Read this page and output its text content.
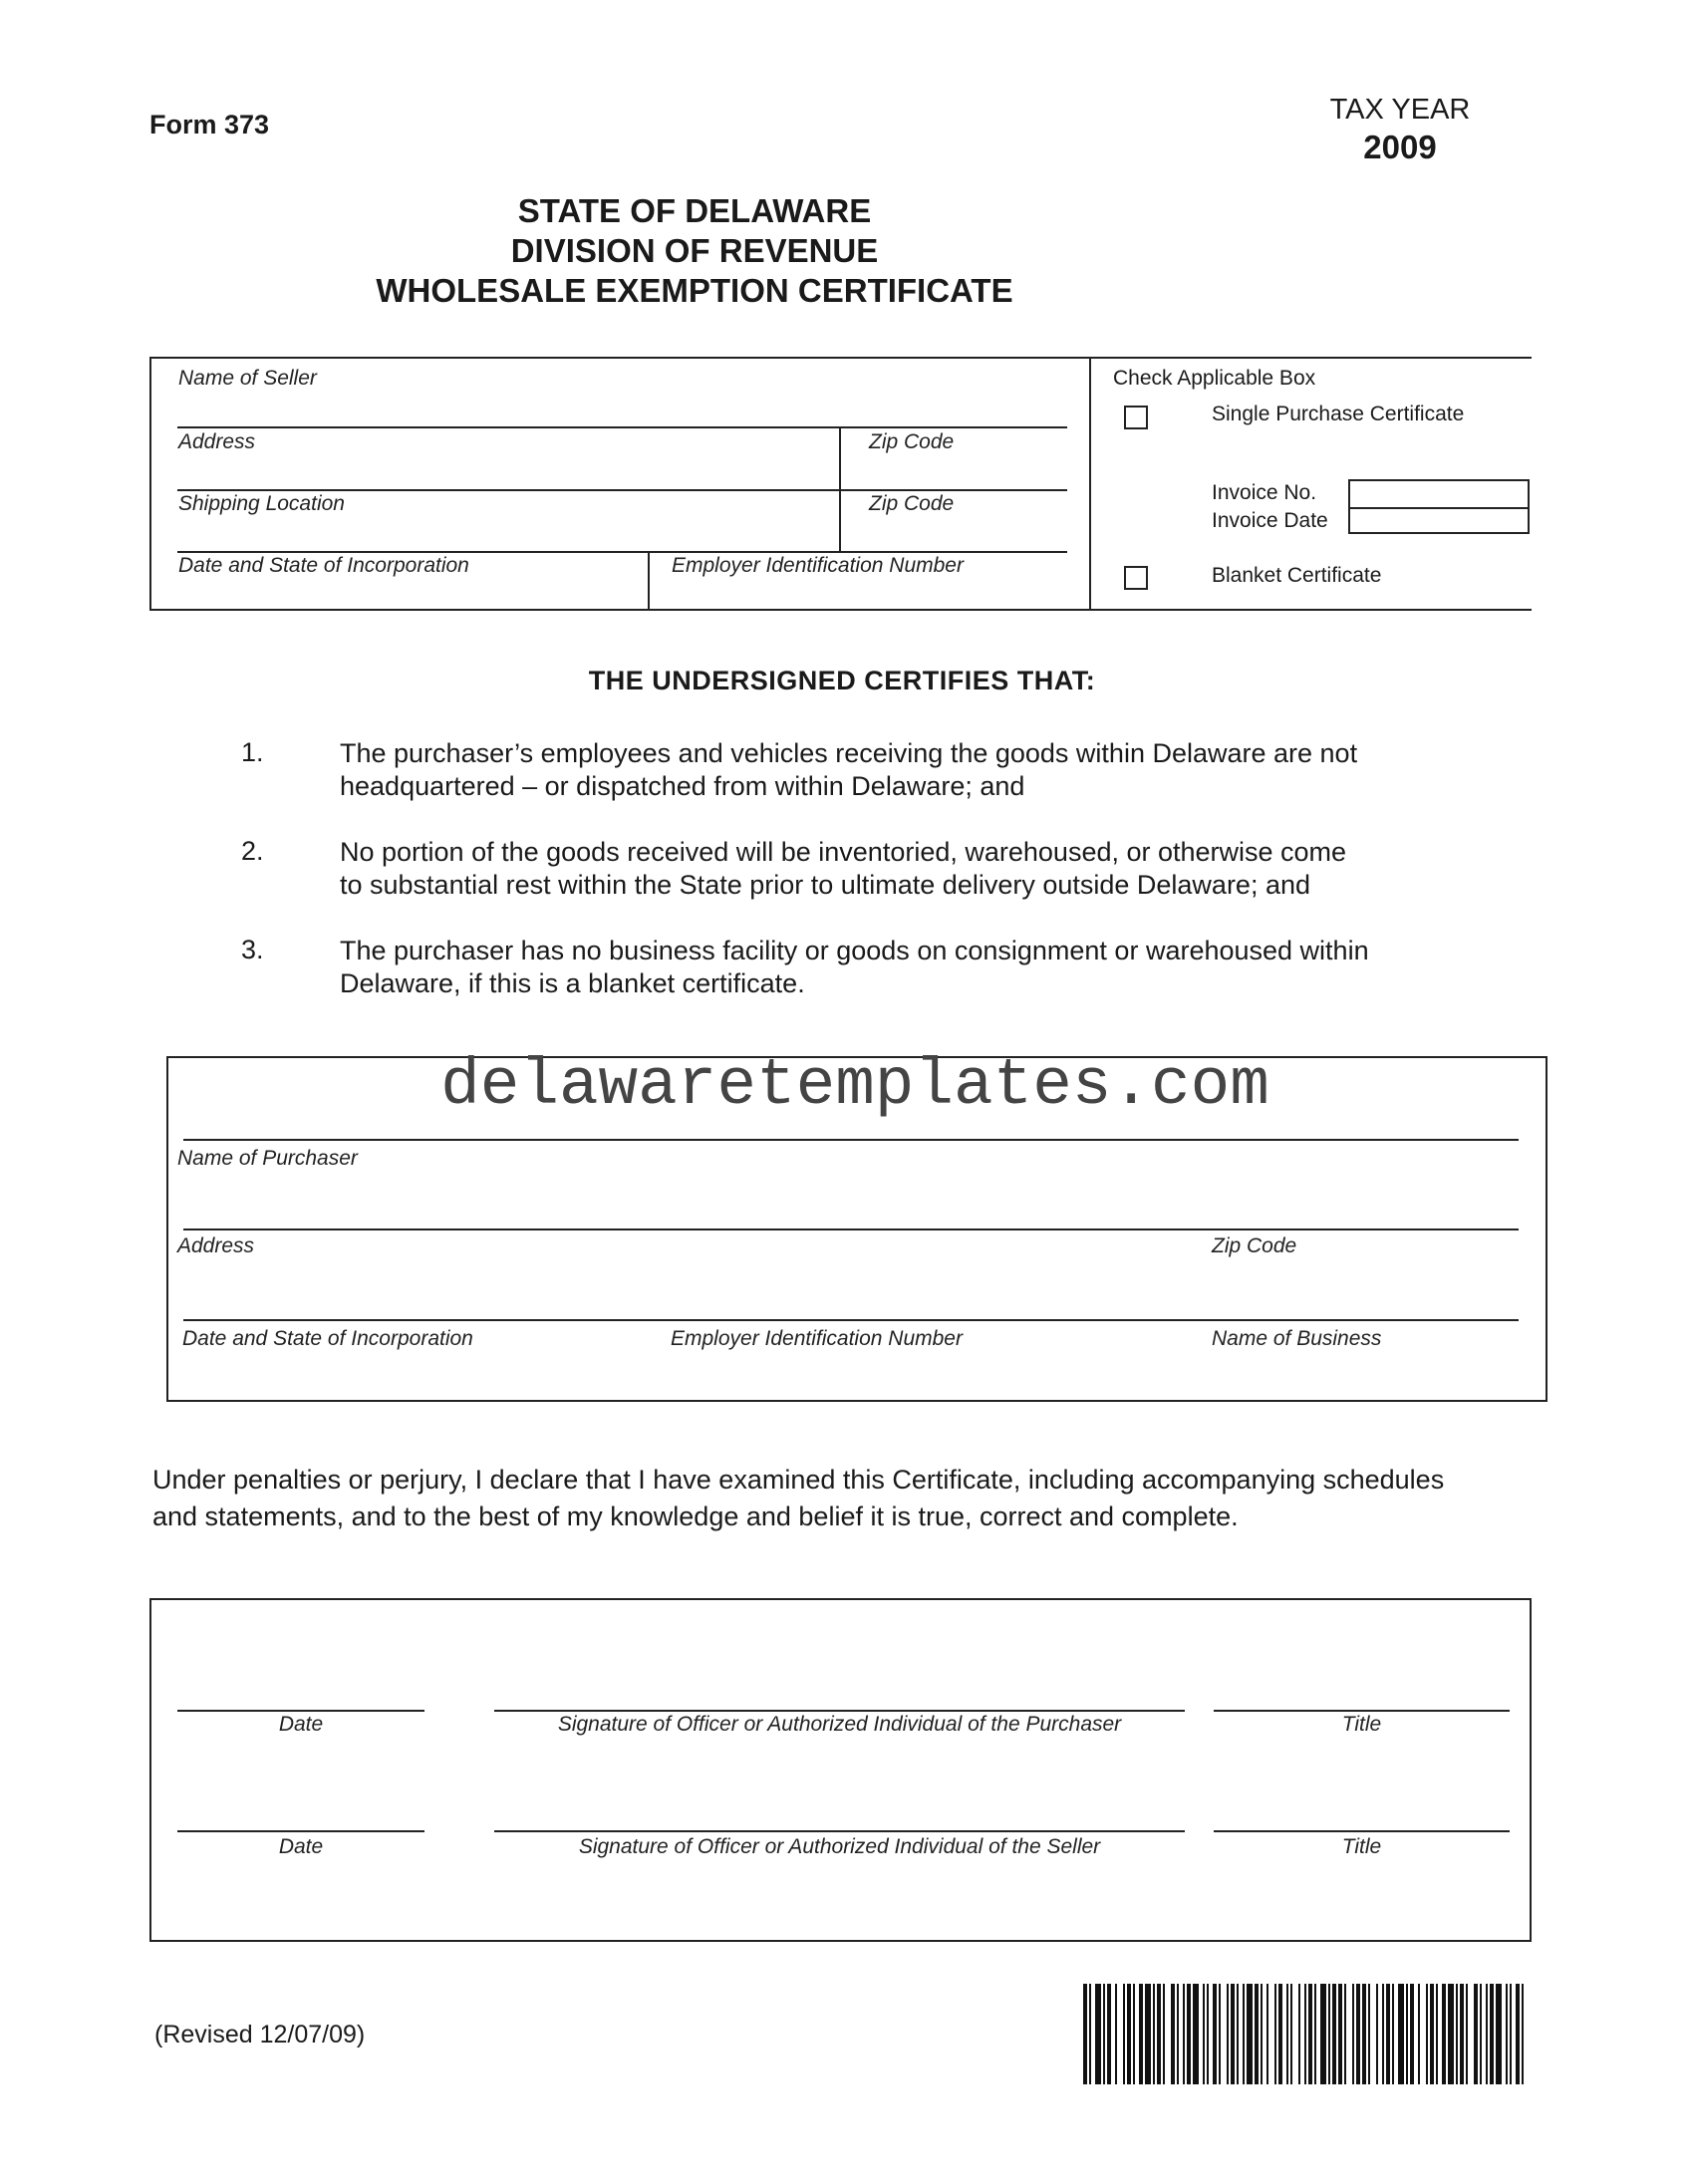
Form 373	TAX YEAR
2009
STATE OF DELAWARE
DIVISION OF REVENUE
WHOLESALE EXEMPTION CERTIFICATE
Name of Seller
Address	Zip Code
Shipping Location	Zip Code
Date and State of Incorporation	Employer Identification Number
Check Applicable Box
Single Purchase Certificate
Invoice No.
Invoice Date
Blanket Certificate
THE UNDERSIGNED CERTIFIES THAT:
1.	The purchaser’s employees and vehicles receiving the goods within Delaware are not
headquartered – or dispatched from within Delaware; and
2.	No portion of the goods received will be inventoried, warehoused, or otherwise come
to substantial rest within the State prior to ultimate delivery outside Delaware; and
3.	The purchaser has no business facility or goods on consignment or warehoused within
Delaware, if this is a blanket certificate.
delawaretemplates.com
Name of Purchaser
Address	Zip Code
Date and State of Incorporation	Employer Identification Number	Name of Business
Under penalties or perjury, I declare that I have examined this Certificate, including accompanying schedules
and statements, and to the best of my knowledge and belief it is true, correct and complete.
Date	Signature of Officer or Authorized Individual of the Purchaser	Title
Date	Signature of Officer or Authorized Individual of the Seller	Title
(Revised 12/07/09)
